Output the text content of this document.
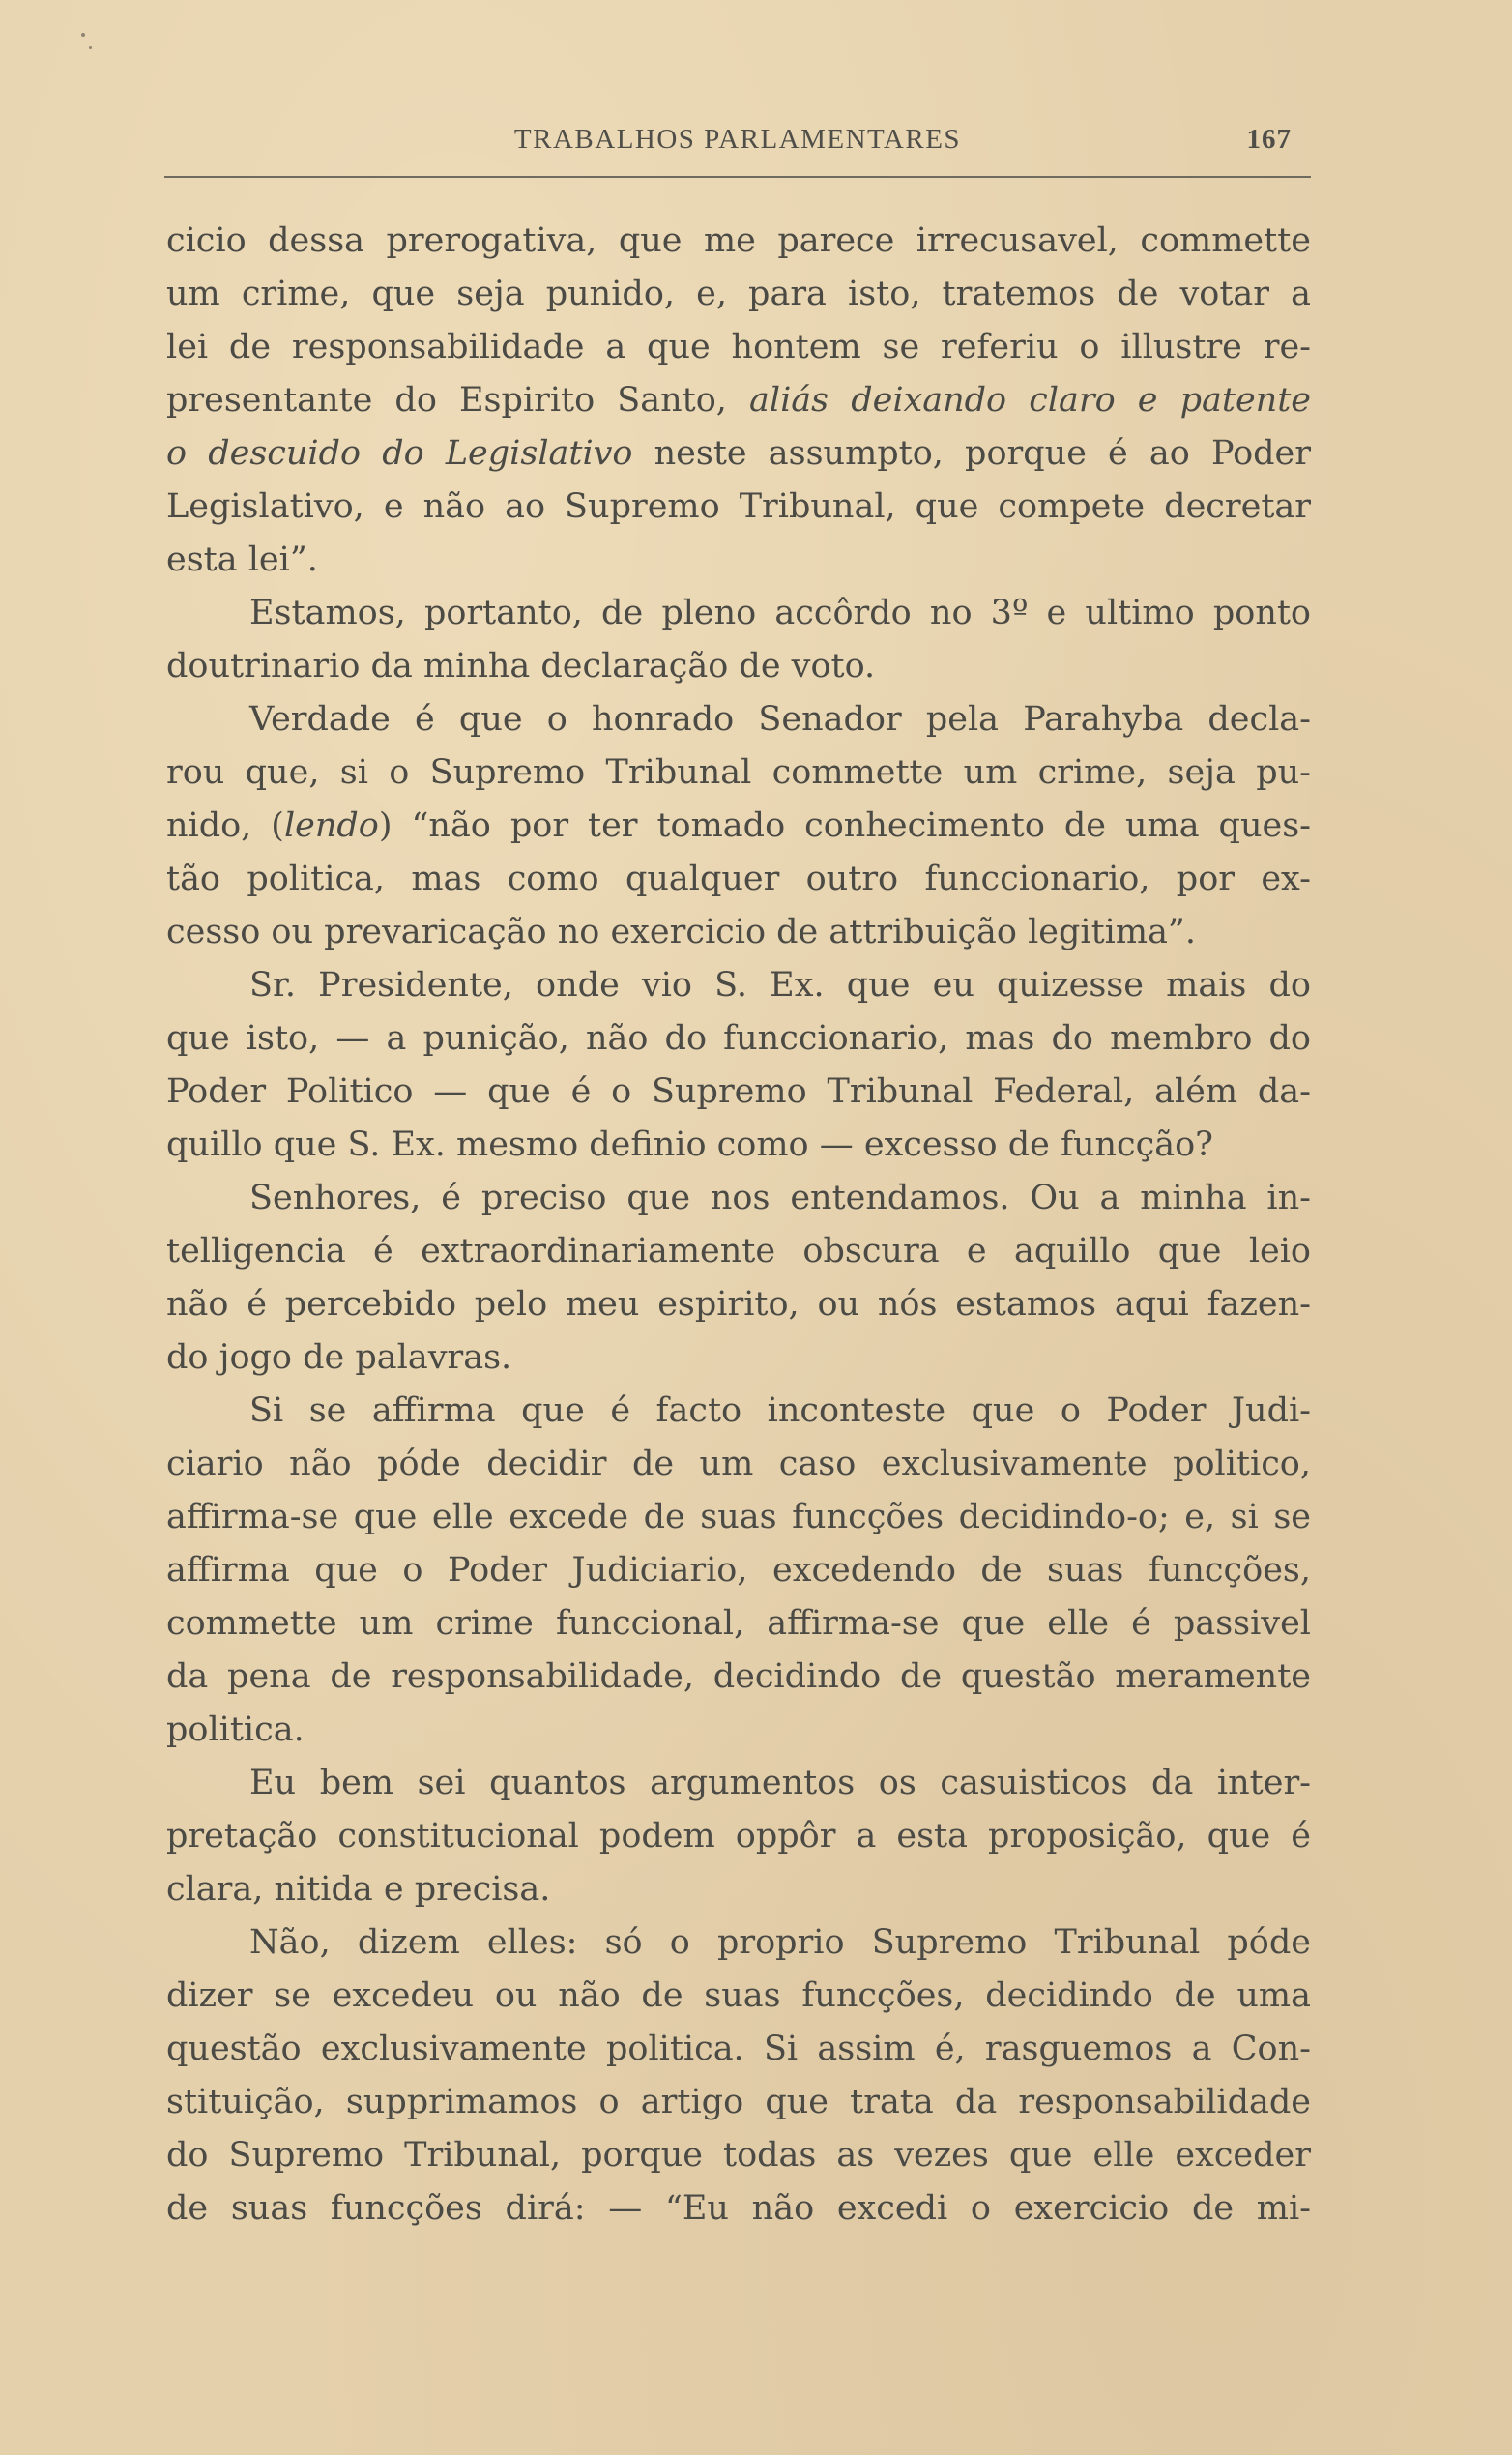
TRABALHOS PARLAMENTARES	167
cicio dessa prerogativa, que me parece irrecusavel, commette
um crime, que seja punido, e, para isto, tratemos de votar a
lei de responsabilidade a que hontem se referiu o illustre re-
presentante do Espirito Santo, aliás deixando claro e patente
o descuido do Legislativo neste assumpto, porque é ao Poder
Legislativo, e não ao Supremo Tribunal, que compete decretar
esta lei”.
Estamos, portanto, de pleno accôrdo no 3º e ultimo ponto
doutrinario da minha declaração de voto.
Verdade é que o honrado Senador pela Parahyba decla-
rou que, si o Supremo Tribunal commette um crime, seja pu-
nido, (lendo) “não por ter tomado conhecimento de uma ques-
tão politica, mas como qualquer outro funccionario, por ex-
cesso ou prevaricação no exercicio de attribuição legitima”.
Sr. Presidente, onde vio S. Ex. que eu quizesse mais do
que isto, — a punição, não do funccionario, mas do membro do
Poder Politico — que é o Supremo Tribunal Federal, além da-
quillo que S. Ex. mesmo definio como — excesso de funcção?
Senhores, é preciso que nos entendamos. Ou a minha in-
telligencia é extraordinariamente obscura e aquillo que leio
não é percebido pelo meu espirito, ou nós estamos aqui fazen-
do jogo de palavras.
Si se affirma que é facto inconteste que o Poder Judi-
ciario não póde decidir de um caso exclusivamente politico,
affirma-se que elle excede de suas funcções decidindo-o; e, si se
affirma que o Poder Judiciario, excedendo de suas funcções,
commette um crime funccional, affirma-se que elle é passivel
da pena de responsabilidade, decidindo de questão meramente
politica.
Eu bem sei quantos argumentos os casuisticos da inter-
pretação constitucional podem oppôr a esta proposição, que é
clara, nitida e precisa.
Não, dizem elles: só o proprio Supremo Tribunal póde
dizer se excedeu ou não de suas funcções, decidindo de uma
questão exclusivamente politica. Si assim é, rasguemos a Con-
stituição, supprimamos o artigo que trata da responsabilidade
do Supremo Tribunal, porque todas as vezes que elle exceder
de suas funcções dirá: — “Eu não excedi o exercicio de mi-
